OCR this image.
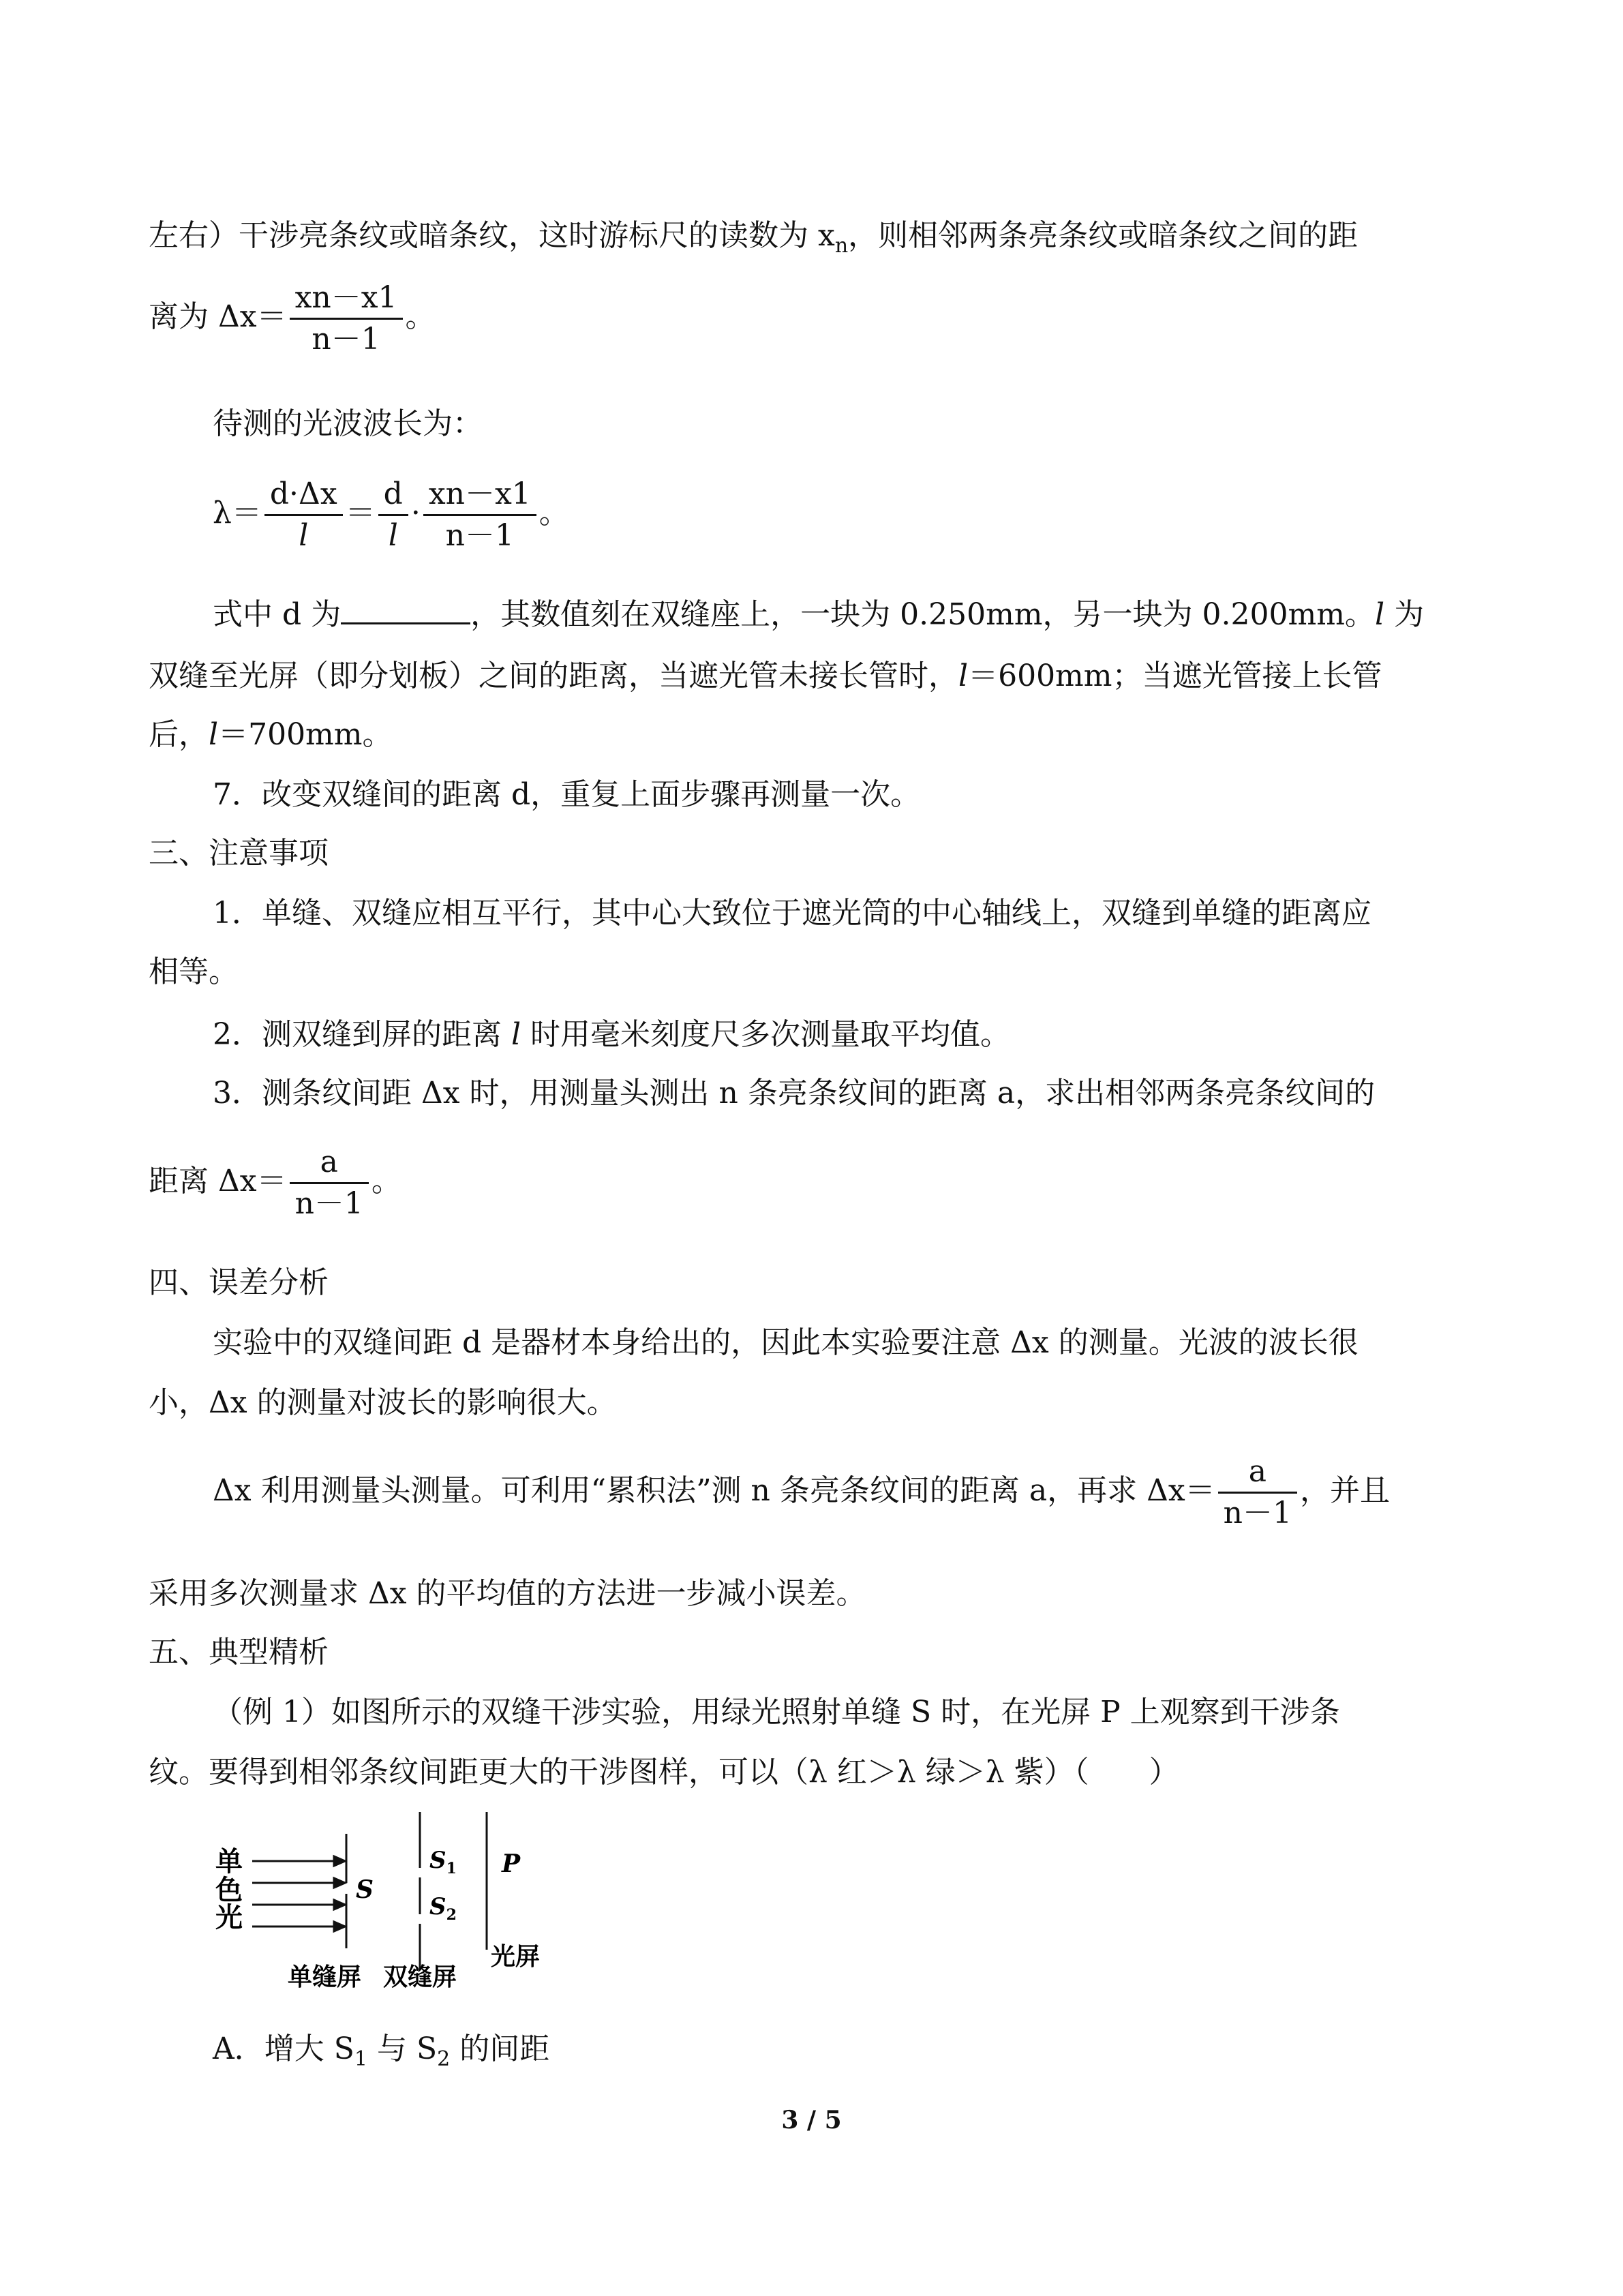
左右）干涉亮条纹或暗条纹，这时游标尺的读数为 $x_n$，则相邻两条亮条纹或暗条纹之间的距
离为 $\Delta x= \frac{xn-x1}{n-1}$ 。
待测的光波波长为：
$\lambda= \frac{d\cdot\Delta x}{l} = \frac{d}{l} \cdot \frac{xn-x1}{n-1}$ 。
式中 d 为	，其数值刻在双缝座上，一块为 0.250mm，另一块为 0.200mm。l 为
双缝至光屏（即分划板）之间的距离，当遮光管未接长管时，l＝600mm；当遮光管接上长管
后，l＝700mm。
7．改变双缝间的距离 d，重复上面步骤再测量一次。
三、注意事项
1．单缝、双缝应相互平行，其中心大致位于遮光筒的中心轴线上，双缝到单缝的距离应
相等。
2．测双缝到屏的距离 l 时用毫米刻度尺多次测量取平均值。
3．测条纹间距 Δx 时，用测量头测出 n 条亮条纹间的距离 a，求出相邻两条亮条纹间的
距离 $\Delta x= \frac{a}{n-1}$ 。
四、误差分析
实验中的双缝间距 d 是器材本身给出的，因此本实验要注意 Δx 的测量。光波的波长很
小，Δx 的测量对波长的影响很大。
Δx 利用测量头测量。可利用“累积法”测 n 条亮条纹间的距离 a，再求 $\Delta x= \frac{a}{n-1}$ ，并且
采用多次测量求 Δx 的平均值的方法进一步减小误差。
五、典型精析
（例 1）如图所示的双缝干涉实验，用绿光照射单缝 S 时，在光屏 P 上观察到干涉条
纹。要得到相邻条纹间距更大的干涉图样，可以（λ 红＞λ 绿＞λ 紫）（　　）
单
色
光
S
$S_1$
$S_2$
P
光屏
单缝屏 双缝屏
A．增大 $S_1$ 与 $S_2$ 的间距
3 / 5
